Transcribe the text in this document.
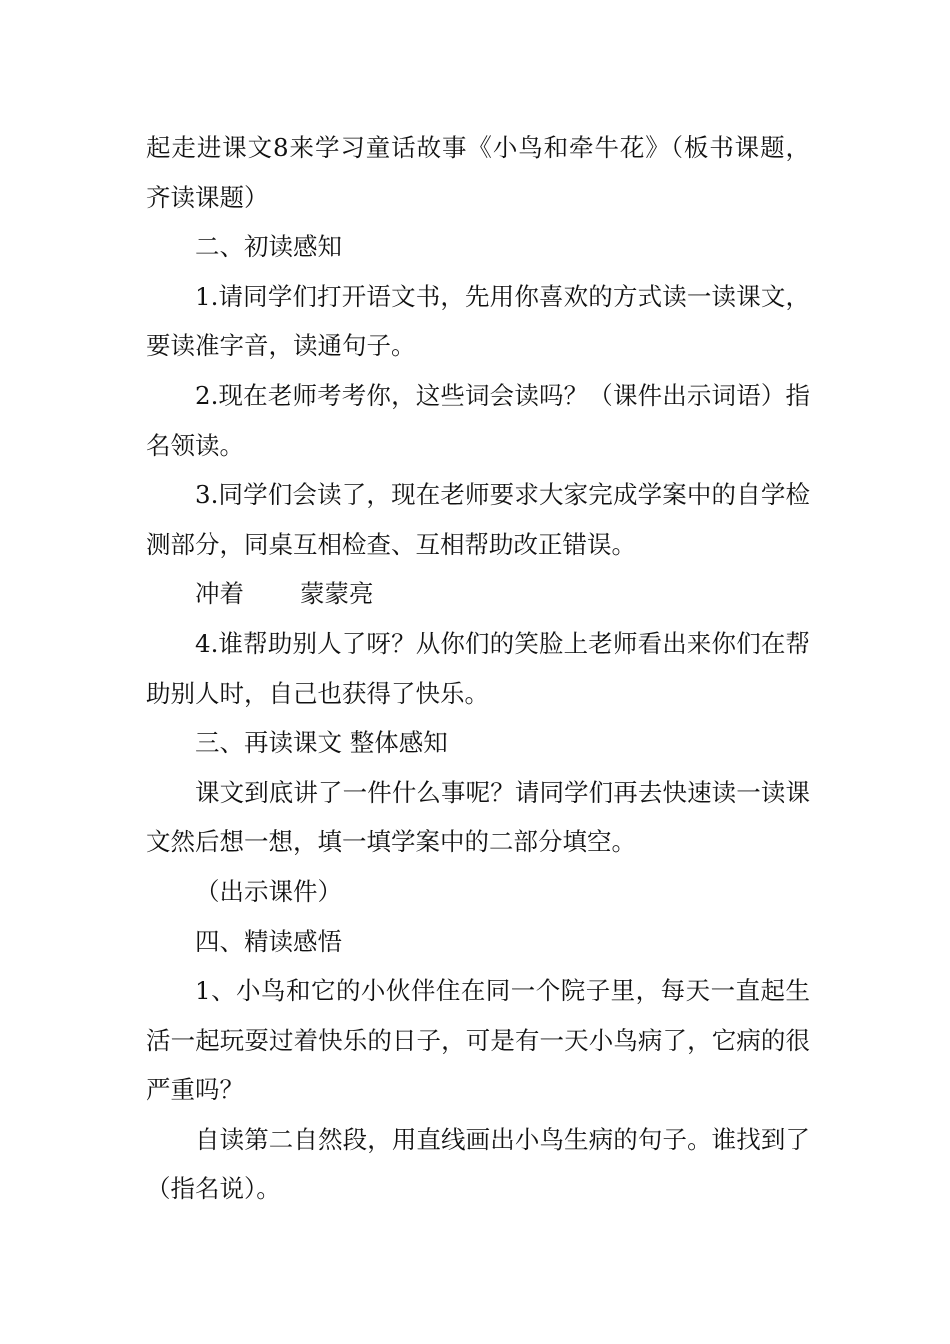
起走进课文8来学习童话故事《小鸟和牵牛花》（板书课题，齐读课题）

二、初读感知

1.请同学们打开语文书，先用你喜欢的方式读一读课文，要读准字音，读通句子。

2.现在老师考考你，这些词会读吗？（课件出示词语）指名领读。

3.同学们会读了，现在老师要求大家完成学案中的自学检测部分，同桌互相检查、互相帮助改正错误。

冲着 蒙蒙亮

4.谁帮助别人了呀？从你们的笑脸上老师看出来你们在帮助别人时，自己也获得了快乐。

三、再读课文 整体感知

课文到底讲了一件什么事呢？请同学们再去快速读一读课文然后想一想，填一填学案中的二部分填空。

（出示课件）

四、精读感悟

1、小鸟和它的小伙伴住在同一个院子里，每天一直起生活一起玩耍过着快乐的日子，可是有一天小鸟病了，它病的很严重吗？

自读第二自然段，用直线画出小鸟生病的句子。谁找到了（指名说）。
